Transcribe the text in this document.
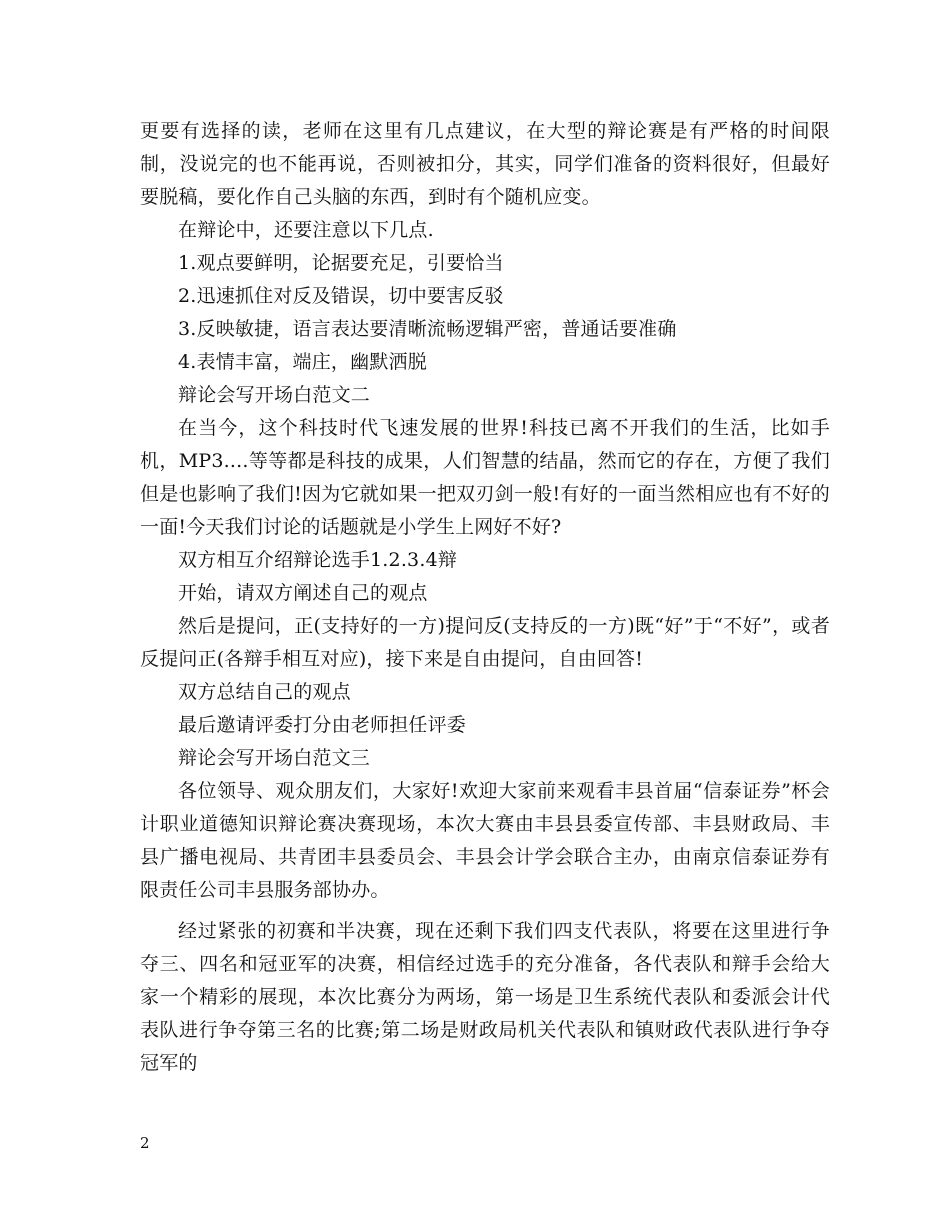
更要有选择的读，老师在这里有几点建议，在大型的辩论赛是有严格的时间限制，没说完的也不能再说，否则被扣分，其实，同学们准备的资料很好，但最好要脱稿，要化作自己头脑的东西，到时有个随机应变。

在辩论中，还要注意以下几点.

1.观点要鲜明，论据要充足，引要恰当

2.迅速抓住对反及错误，切中要害反驳

3.反映敏捷，语言表达要清晰流畅逻辑严密，普通话要准确

4.表情丰富，端庄，幽默洒脱

辩论会写开场白范文二

在当今，这个科技时代飞速发展的世界!科技已离不开我们的生活，比如手机，MP3....等等都是科技的成果，人们智慧的结晶，然而它的存在，方便了我们但是也影响了我们!因为它就如果一把双刃剑一般!有好的一面当然相应也有不好的一面!今天我们讨论的话题就是小学生上网好不好?

双方相互介绍辩论选手1.2.3.4辩

开始，请双方阐述自己的观点

然后是提问，正(支持好的一方)提问反(支持反的一方)既“好”于“不好”，或者反提问正(各辩手相互对应)，接下来是自由提问，自由回答!

双方总结自己的观点

最后邀请评委打分由老师担任评委

辩论会写开场白范文三

各位领导、观众朋友们，大家好!欢迎大家前来观看丰县首届“信泰证券”杯会计职业道德知识辩论赛决赛现场，本次大赛由丰县县委宣传部、丰县财政局、丰县广播电视局、共青团丰县委员会、丰县会计学会联合主办，由南京信泰证券有限责任公司丰县服务部协办。

经过紧张的初赛和半决赛，现在还剩下我们四支代表队，将要在这里进行争夺三、四名和冠亚军的决赛，相信经过选手的充分准备，各代表队和辩手会给大家一个精彩的展现，本次比赛分为两场，第一场是卫生系统代表队和委派会计代表队进行争夺第三名的比赛;第二场是财政局机关代表队和镇财政代表队进行争夺冠军的

2
